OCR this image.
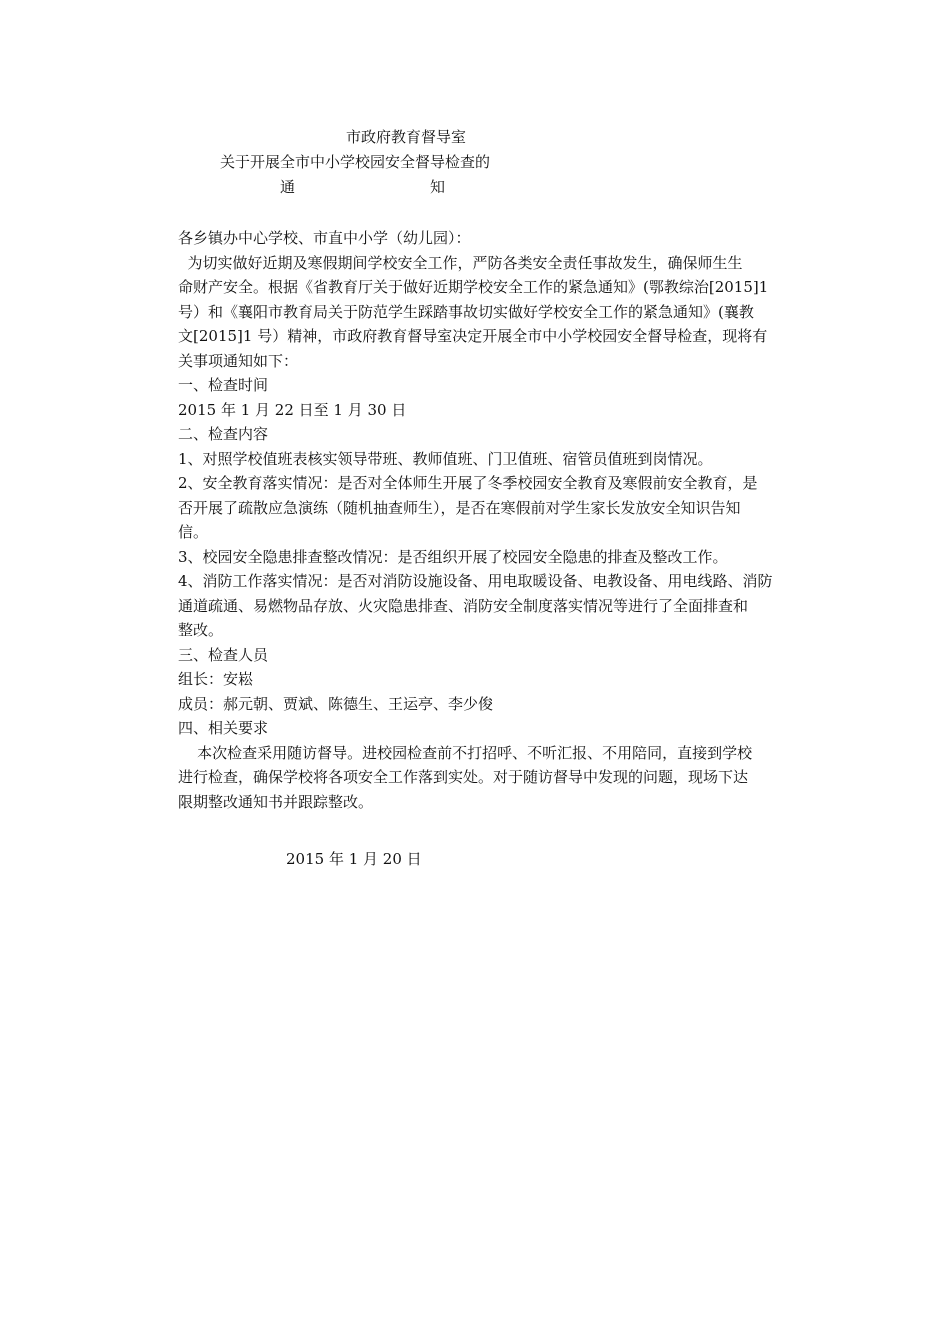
市政府教育督导室
关于开展全市中小学校园安全督导检查的
通	知

各乡镇办中心学校、市直中小学（幼儿园）：

为切实做好近期及寒假期间学校安全工作，严防各类安全责任事故发生，确保师生生

命财产安全。根据《省教育厅关于做好近期学校安全工作的紧急通知》(鄂教综治[2015]1

号）和《襄阳市教育局关于防范学生踩踏事故切实做好学校安全工作的紧急通知》(襄教

文[2015]1 号）精神，市政府教育督导室决定开展全市中小学校园安全督导检查，现将有

关事项通知如下：

一、检查时间

2015 年 1 月 22 日至 1 月 30 日

二、检查内容

1、对照学校值班表核实领导带班、教师值班、门卫值班、宿管员值班到岗情况。

2、安全教育落实情况：是否对全体师生开展了冬季校园安全教育及寒假前安全教育，是

否开展了疏散应急演练（随机抽查师生），是否在寒假前对学生家长发放安全知识告知

信。

3、校园安全隐患排查整改情况：是否组织开展了校园安全隐患的排查及整改工作。

4、消防工作落实情况：是否对消防设施设备、用电取暖设备、电教设备、用电线路、消防

通道疏通、易燃物品存放、火灾隐患排查、消防安全制度落实情况等进行了全面排查和

整改。

三、检查人员

组长：安崧

成员：郝元朝、贾斌、陈德生、王运亭、李少俊

四、相关要求

本次检查采用随访督导。进校园检查前不打招呼、不听汇报、不用陪同，直接到学校

进行检查，确保学校将各项安全工作落到实处。对于随访督导中发现的问题，现场下达

限期整改通知书并跟踪整改。

2015 年 1 月 20 日
